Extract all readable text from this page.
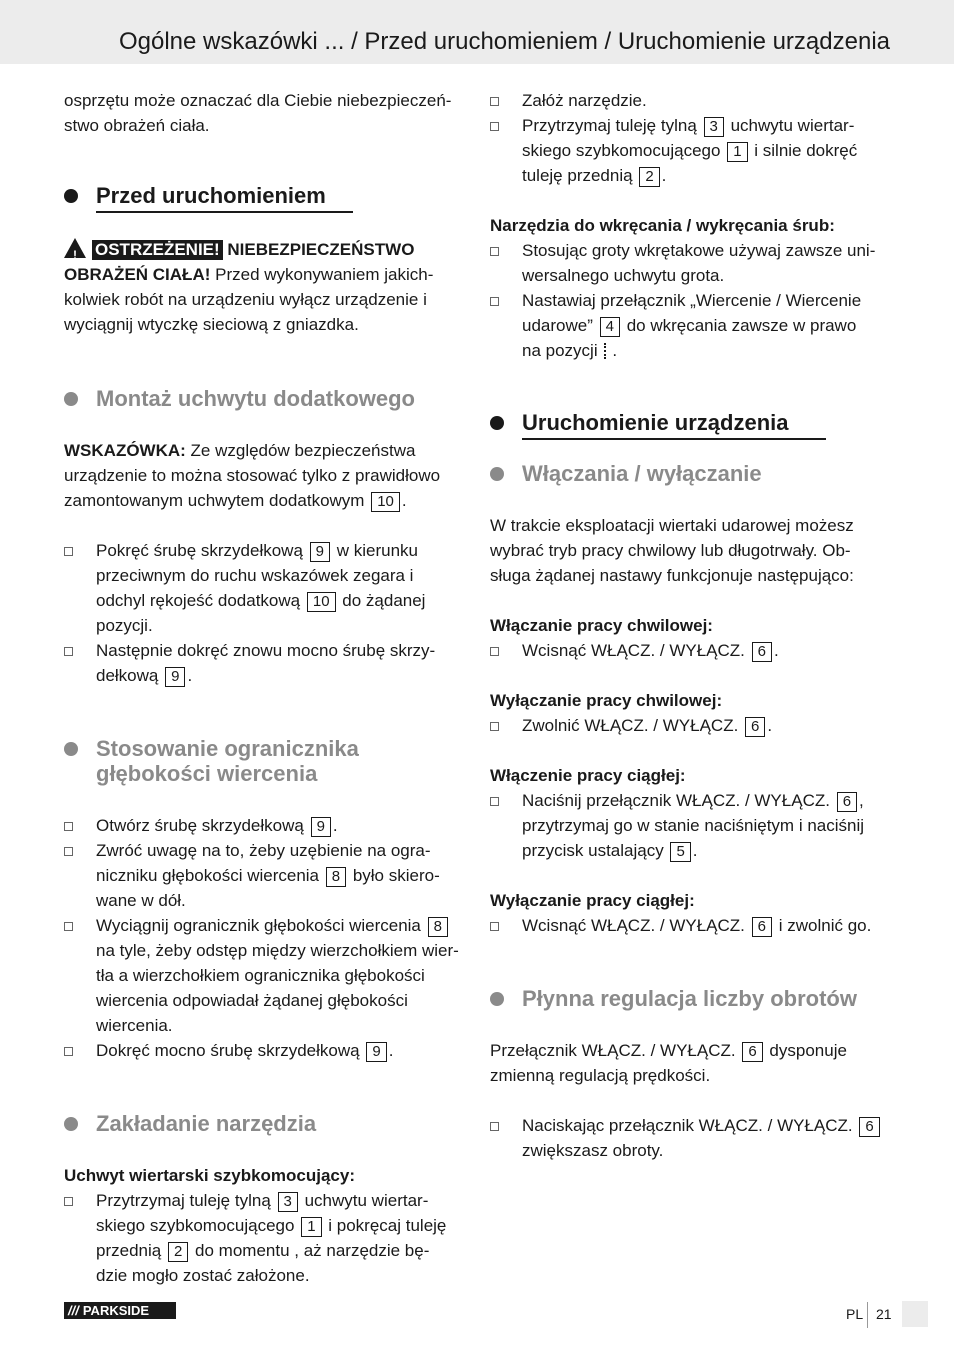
Ogólne wskazówki ... / Przed uruchomieniem / Uruchomienie urządzenia
osprzętu może oznaczać dla Ciebie niebezpieczeń-
stwo obrażeń ciała.
Przed uruchomieniem
! OSTRZEŻENIE! NIEBEZPIECZEŃSTWO
OBRAŻEŃ CIAŁA! Przed wykonywaniem jakich-
kolwiek robót na urządzeniu wyłącz urządzenie i
wyciągnij wtyczkę sieciową z gniazdka.
Montaż uchwytu dodatkowego
WSKAZÓWKA: Ze względów bezpieczeństwa
urządzenie to można stosować tylko z prawidłowo
zamontowanym uchwytem dodatkowym 10 .
Pokręć śrubę skrzydełkową 9 w kierunku
przeciwnym do ruchu wskazówek zegara i
odchyl rękojeść dodatkową 10 do żądanej
pozycji.
Następnie dokręć znowu mocno śrubę skrzy-
dełkową 9 .
Stosowanie ogranicznika
głębokości wiercenia
Otwórz śrubę skrzydełkową 9 .
Zwróć uwagę na to, żeby uzębienie na ogra-
niczniku głębokości wiercenia 8 było skiero-
wane w dół.
Wyciągnij ogranicznik głębokości wiercenia 8
na tyle, żeby odstęp między wierzchołkiem wier-
tła a wierzchołkiem ogranicznika głębokości
wiercenia odpowiadał żądanej głębokości
wiercenia.
Dokręć mocno śrubę skrzydełkową 9 .
Zakładanie narzędzia
Uchwyt wiertarski szybkomocujący:
Przytrzymaj tuleję tylną 3 uchwytu wiertar-
skiego szybkomocującego 1 i pokręcaj tuleję
przednią 2 do momentu , aż narzędzie bę-
dzie mogło zostać założone.
Załóż narzędzie.
Przytrzymaj tuleję tylną 3 uchwytu wiertar-
skiego szybkomocującego 1 i silnie dokręć
tuleję przednią 2 .
Narzędzia do wkręcania / wykręcania śrub:
Stosując groty wkrętakowe używaj zawsze uni-
wersalnego uchwytu grota.
Nastawiaj przełącznik „Wiercenie / Wiercenie
udarowe” 4 do wkręcania zawsze w prawo
na pozycji .
Uruchomienie urządzenia
Włączania / wyłączanie
W trakcie eksploatacji wiertaki udarowej możesz
wybrać tryb pracy chwilowy lub długotrwały. Ob-
sługa żądanej nastawy funkcjonuje następująco:
Włączanie pracy chwilowej:
Wcisnąć WŁĄCZ. / WYŁĄCZ. 6 .
Wyłączanie pracy chwilowej:
Zwolnić WŁĄCZ. / WYŁĄCZ. 6 .
Włączenie pracy ciągłej:
Naciśnij przełącznik WŁĄCZ. / WYŁĄCZ. 6 ,
przytrzymaj go w stanie naciśniętym i naciśnij
przycisk ustalający 5 .
Wyłączanie pracy ciągłej:
Wcisnąć WŁĄCZ. / WYŁĄCZ. 6 i zwolnić go.
Płynna regulacja liczby obrotów
Przełącznik WŁĄCZ. / WYŁĄCZ. 6 dysponuje
zmienną regulacją prędkości.
Naciskając przełącznik WŁĄCZ. / WYŁĄCZ. 6
zwiększasz obroty.
/// PARKSIDE	PL 21
